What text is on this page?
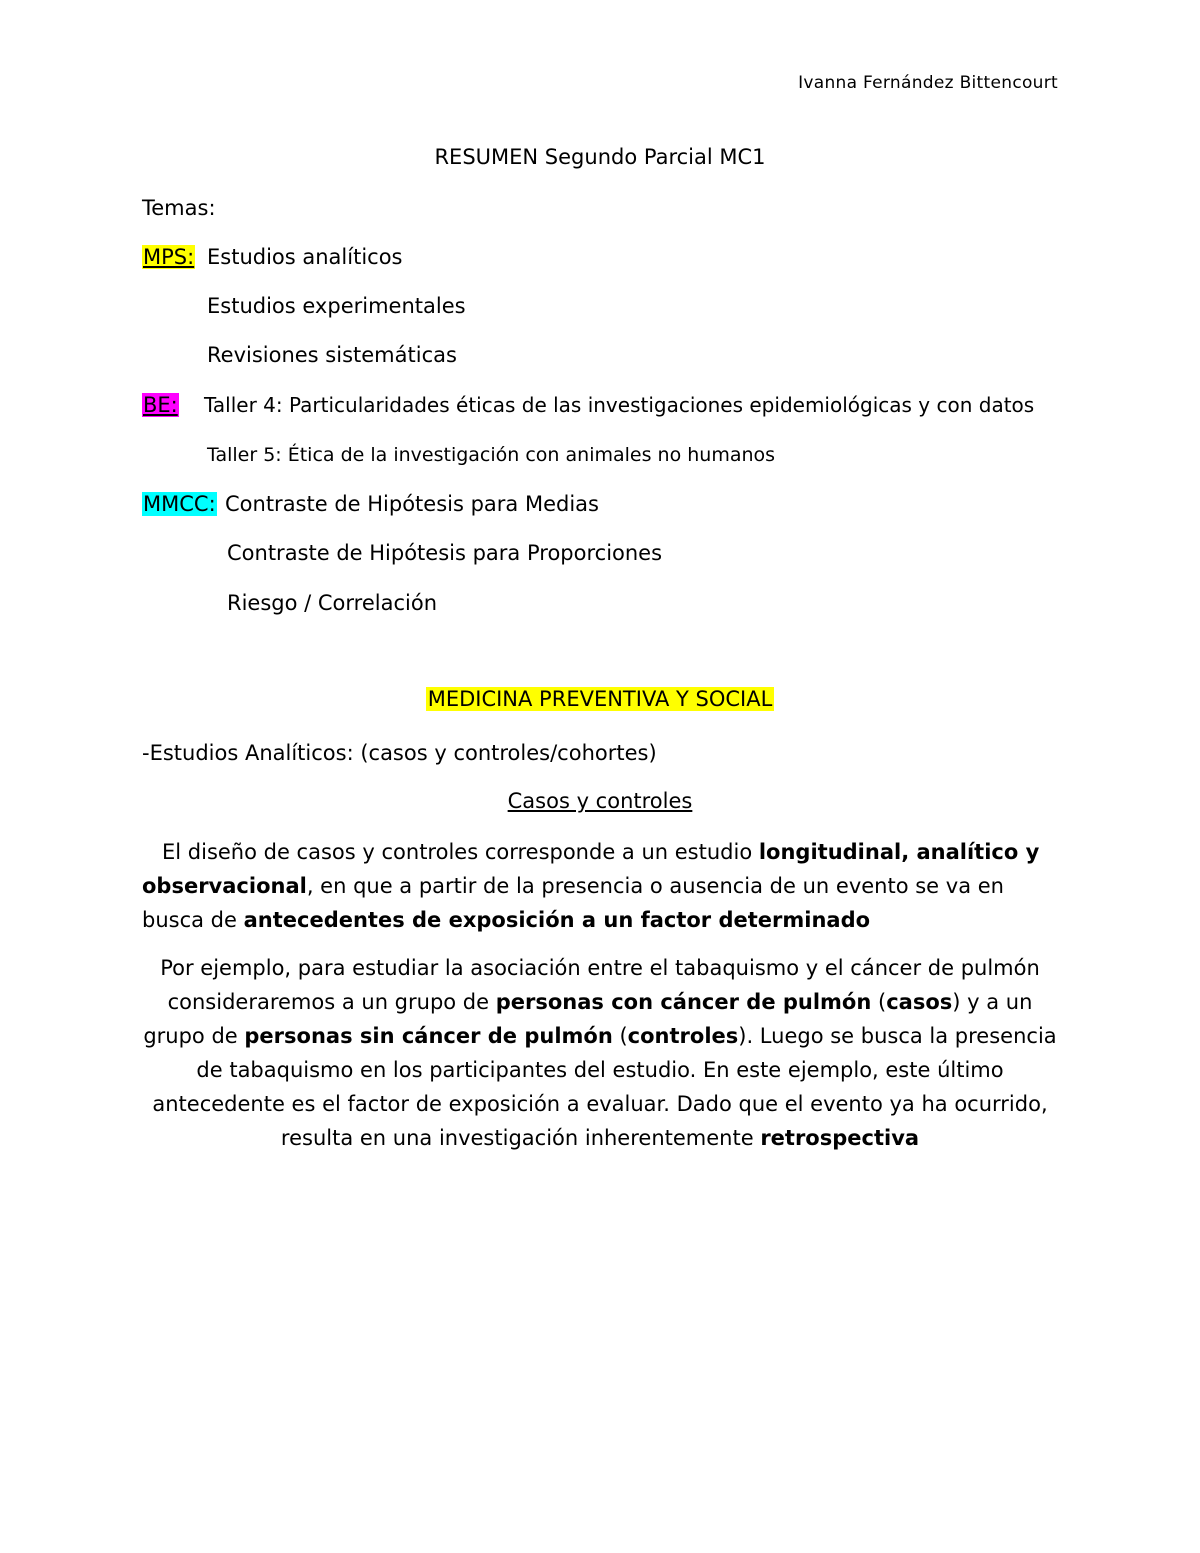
Ivanna Fernández Bittencourt
RESUMEN Segundo Parcial MC1
Temas:
MPS: Estudios analíticos
Estudios experimentales
Revisiones sistemáticas
BE: Taller 4: Particularidades éticas de las investigaciones epidemiológicas y con datos
Taller 5: Ética de la investigación con animales no humanos
MMCC: Contraste de Hipótesis para Medias
Contraste de Hipótesis para Proporciones
Riesgo / Correlación
MEDICINA PREVENTIVA Y SOCIAL
-Estudios Analíticos: (casos y controles/cohortes)
Casos y controles
El diseño de casos y controles corresponde a un estudio longitudinal, analítico y observacional, en que a partir de la presencia o ausencia de un evento se va en busca de antecedentes de exposición a un factor determinado
Por ejemplo, para estudiar la asociación entre el tabaquismo y el cáncer de pulmón consideraremos a un grupo de personas con cáncer de pulmón (casos) y a un grupo de personas sin cáncer de pulmón (controles). Luego se busca la presencia de tabaquismo en los participantes del estudio. En este ejemplo, este último antecedente es el factor de exposición a evaluar. Dado que el evento ya ha ocurrido, resulta en una investigación inherentemente retrospectiva
